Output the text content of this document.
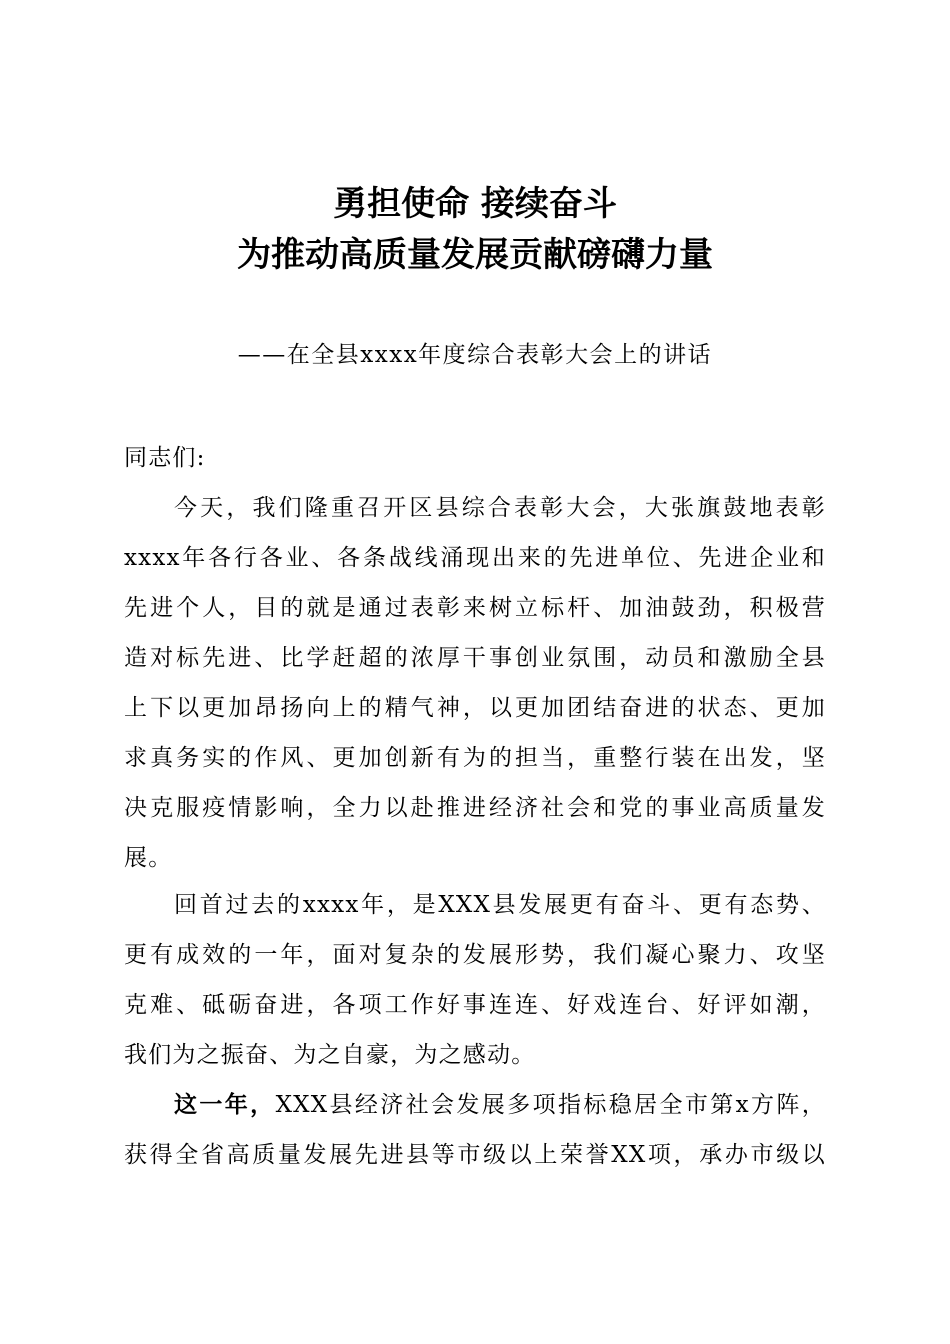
勇担使命 接续奋斗
为推动高质量发展贡献磅礴力量
——在全县xxxx年度综合表彰大会上的讲话
同志们:
今天，我们隆重召开区县综合表彰大会，大张旗鼓地表彰
xxxx年各行各业、各条战线涌现出来的先进单位、先进企业和
先进个人，目的就是通过表彰来树立标杆、加油鼓劲，积极营
造对标先进、比学赶超的浓厚干事创业氛围，动员和激励全县
上下以更加昂扬向上的精气神，以更加团结奋进的状态、更加
求真务实的作风、更加创新有为的担当，重整行装在出发，坚
决克服疫情影响，全力以赴推进经济社会和党的事业高质量发
展。
回首过去的xxxx年，是XXX县发展更有奋斗、更有态势、
更有成效的一年，面对复杂的发展形势，我们凝心聚力、攻坚
克难、砥砺奋进，各项工作好事连连、好戏连台、好评如潮，
我们为之振奋、为之自豪，为之感动。
这一年，XXX县经济社会发展多项指标稳居全市第x方阵，
获得全省高质量发展先进县等市级以上荣誉XX项，承办市级以
